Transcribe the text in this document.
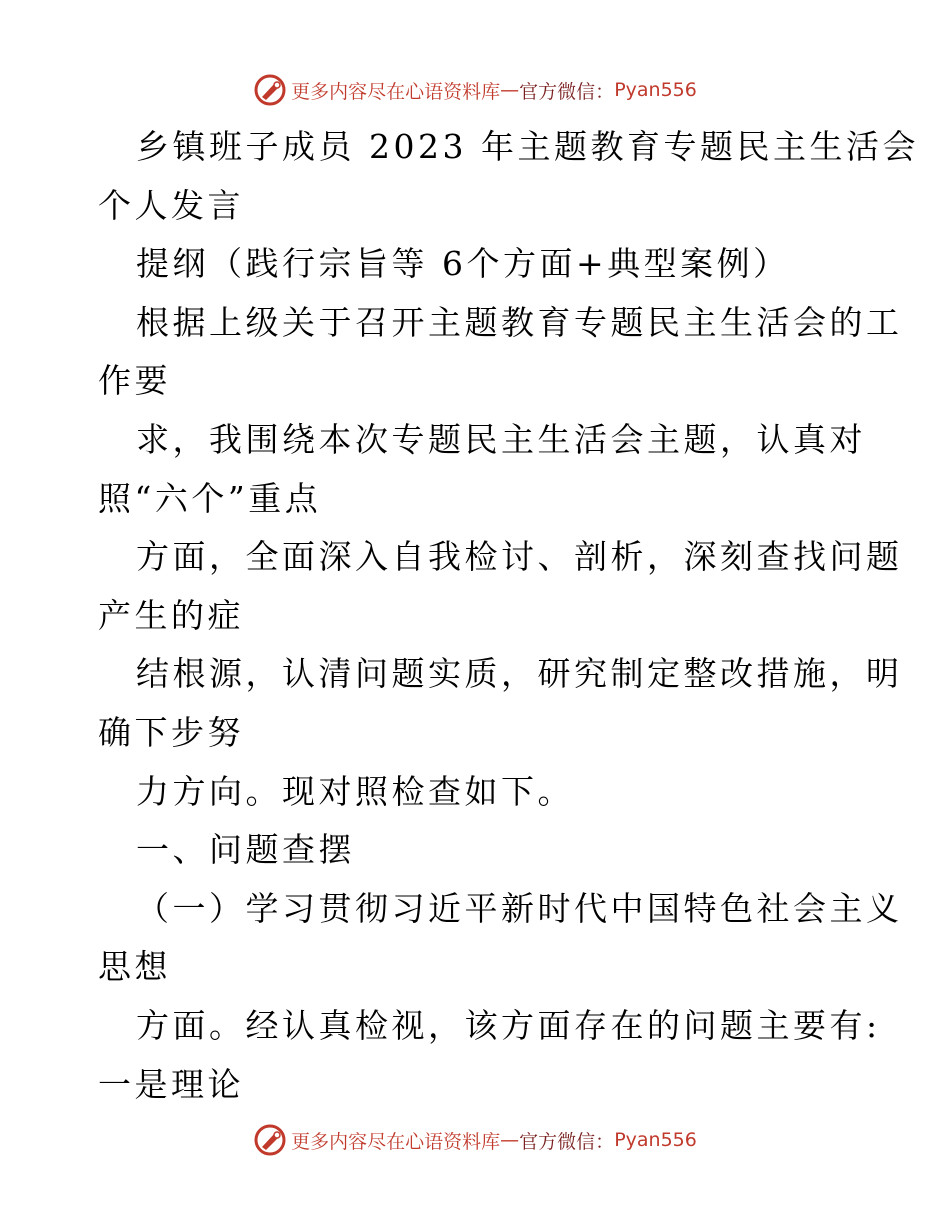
更多内容尽在心语资料库 — 官方微信： Pyan556
乡镇班子成员 2023 年主题教育专题民主生活会
个人发言
提纲（践行宗旨等 6个方面+典型案例）
根据上级关于召开主题教育专题民主生活会的工
作要
求，我围绕本次专题民主生活会主题，认真对
照“六个”重点
方面，全面深入自我检讨、剖析，深刻查找问题
产生的症
结根源，认清问题实质，研究制定整改措施，明
确下步努
力方向。现对照检查如下。
一、问题查摆
（一）学习贯彻习近平新时代中国特色社会主义
思想
方面。经认真检视，该方面存在的问题主要有:
一是理论
更多内容尽在心语资料库 — 官方微信： Pyan556
